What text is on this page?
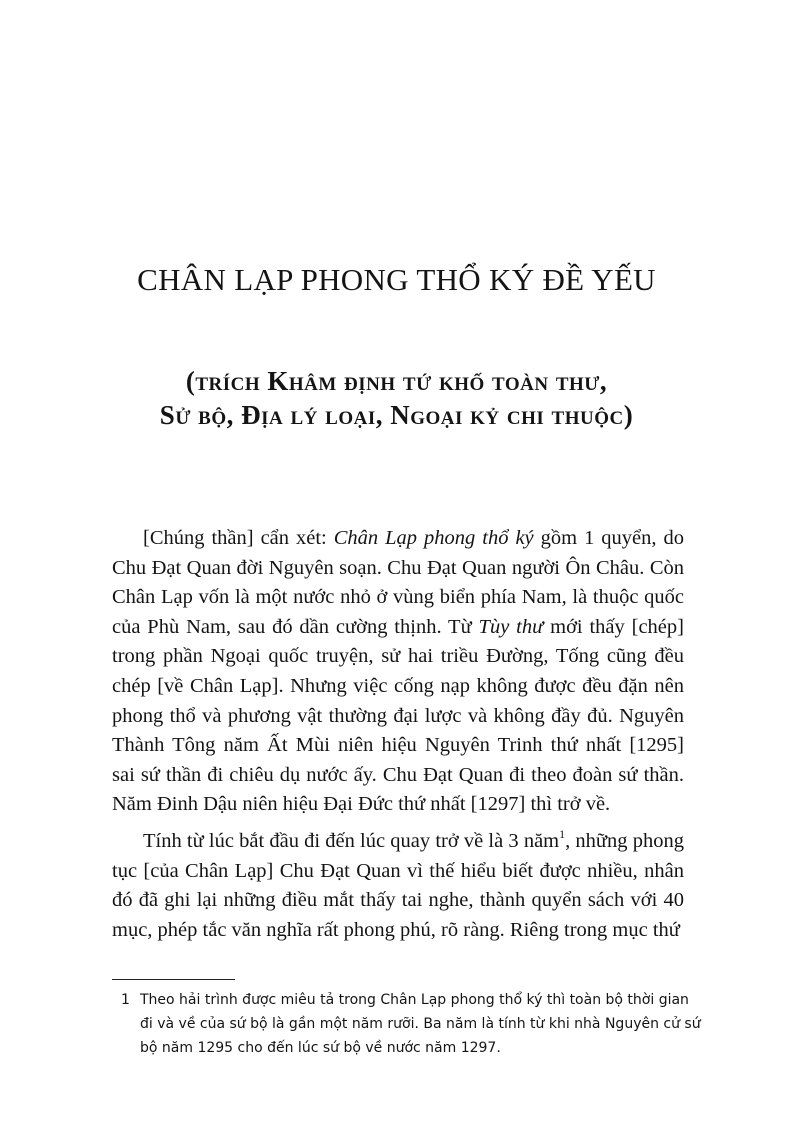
CHÂN LẠP PHONG THỔ KÝ ĐỀ YẾU
(trích Khâm định tứ khố toàn thư,
Sử bộ, Địa lý loại, Ngoại kỷ chi thuộc)
[Chúng thần] cẩn xét: Chân Lạp phong thổ ký gồm 1 quyển, do
Chu Đạt Quan đời Nguyên soạn. Chu Đạt Quan người Ôn Châu. Còn
Chân Lạp vốn là một nước nhỏ ở vùng biển phía Nam, là thuộc quốc
của Phù Nam, sau đó dần cường thịnh. Từ Tùy thư mới thấy [chép]
trong phần Ngoại quốc truyện, sử hai triều Đường, Tống cũng đều
chép [về Chân Lạp]. Nhưng việc cống nạp không được đều đặn nên
phong thổ và phương vật thường đại lược và không đầy đủ. Nguyên
Thành Tông năm Ất Mùi niên hiệu Nguyên Trinh thứ nhất [1295]
sai sứ thần đi chiêu dụ nước ấy. Chu Đạt Quan đi theo đoàn sứ thần.
Năm Đinh Dậu niên hiệu Đại Đức thứ nhất [1297] thì trở về.
Tính từ lúc bắt đầu đi đến lúc quay trở về là 3 năm$^1$, những phong
tục [của Chân Lạp] Chu Đạt Quan vì thế hiểu biết được nhiều, nhân
đó đã ghi lại những điều mắt thấy tai nghe, thành quyển sách với 40
mục, phép tắc văn nghĩa rất phong phú, rõ ràng. Riêng trong mục thứ
1 Theo hải trình được miêu tả trong Chân Lạp phong thổ ký thì toàn bộ thời gian
đi và về của sứ bộ là gần một năm rưỡi. Ba năm là tính từ khi nhà Nguyên cử sứ
bộ năm 1295 cho đến lúc sứ bộ về nước năm 1297.
